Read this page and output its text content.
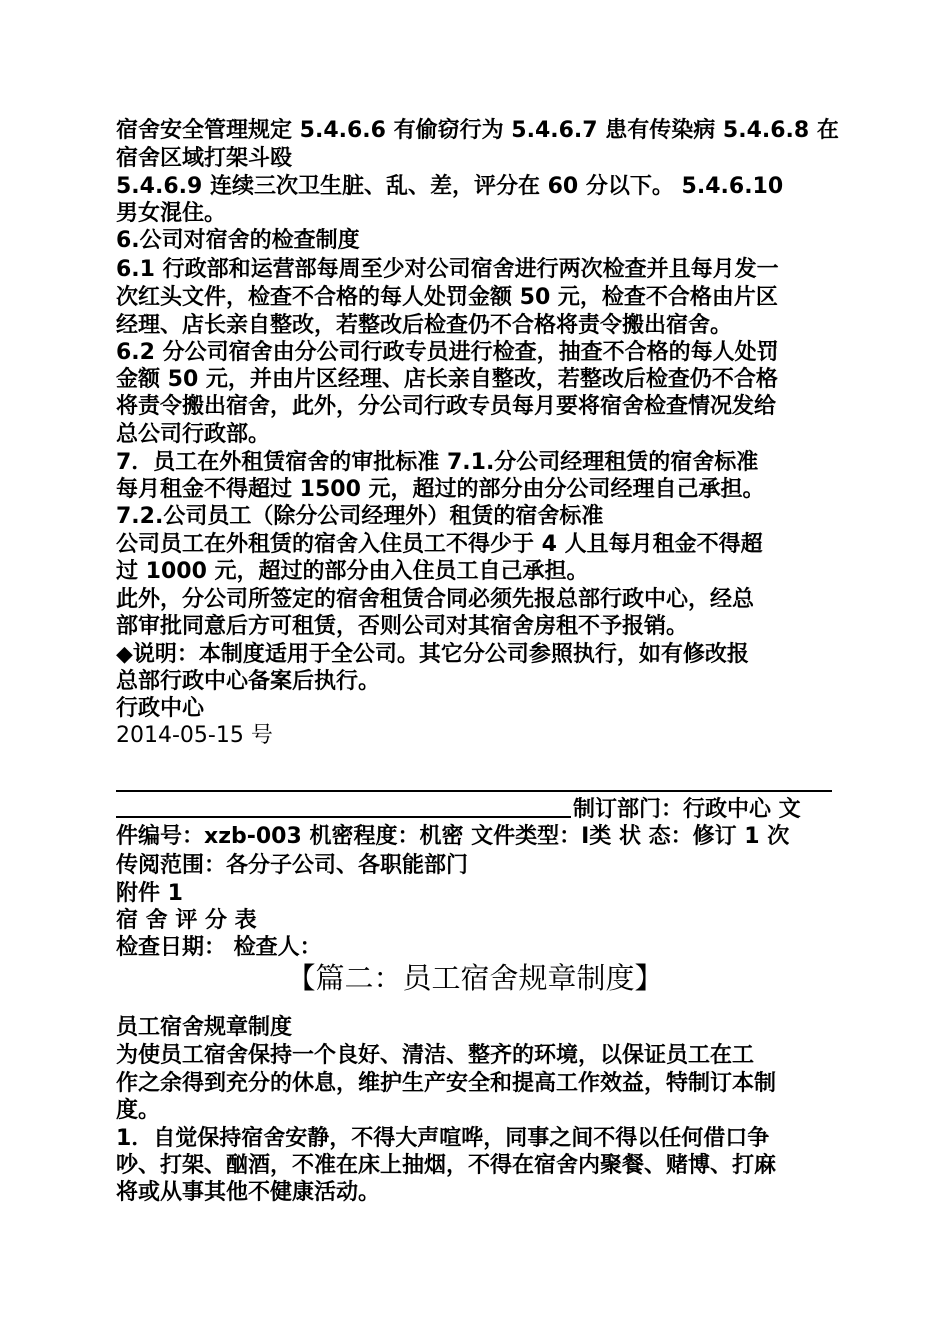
宿舍安全管理规定 5.4.6.6 有偷窃行为 5.4.6.7 患有传染病 5.4.6.8 在
宿舍区域打架斗殴
5.4.6.9 连续三次卫生脏、乱、差，评分在 60 分以下。 5.4.6.10
男女混住。
6.公司对宿舍的检查制度
6.1 行政部和运营部每周至少对公司宿舍进行两次检查并且每月发一
次红头文件，检查不合格的每人处罚金额 50 元，检查不合格由片区
经理、店长亲自整改，若整改后检查仍不合格将责令搬出宿舍。
6.2 分公司宿舍由分公司行政专员进行检查，抽查不合格的每人处罚
金额 50 元，并由片区经理、店长亲自整改，若整改后检查仍不合格
将责令搬出宿舍，此外，分公司行政专员每月要将宿舍检查情况发给
总公司行政部。
7．员工在外租赁宿舍的审批标准 7.1.分公司经理租赁的宿舍标准
每月租金不得超过 1500 元，超过的部分由分公司经理自己承担。
7.2.公司员工（除分公司经理外）租赁的宿舍标准
公司员工在外租赁的宿舍入住员工不得少于 4 人且每月租金不得超
过 1000 元，超过的部分由入住员工自己承担。
此外，分公司所签定的宿舍租赁合同必须先报总部行政中心，经总
部审批同意后方可租赁，否则公司对其宿舍房租不予报销。
◆说明：本制度适用于全公司。其它分公司参照执行，如有修改报
总部行政中心备案后执行。
行政中心
2014-05-15 号
制订部门：行政中心 文
件编号：xzb-003 机密程度：机密 文件类型：Ⅰ类 状 态：修订 1 次
传阅范围：各分子公司、各职能部门
附件 1
宿 舍 评 分 表
检查日期： 检查人：
【篇二：员工宿舍规章制度】
员工宿舍规章制度
为使员工宿舍保持一个良好、清洁、整齐的环境，以保证员工在工
作之余得到充分的休息，维护生产安全和提高工作效益，特制订本制
度。
1．自觉保持宿舍安静，不得大声喧哗，同事之间不得以任何借口争
吵、打架、酗酒，不准在床上抽烟，不得在宿舍内聚餐、赌博、打麻
将或从事其他不健康活动。
